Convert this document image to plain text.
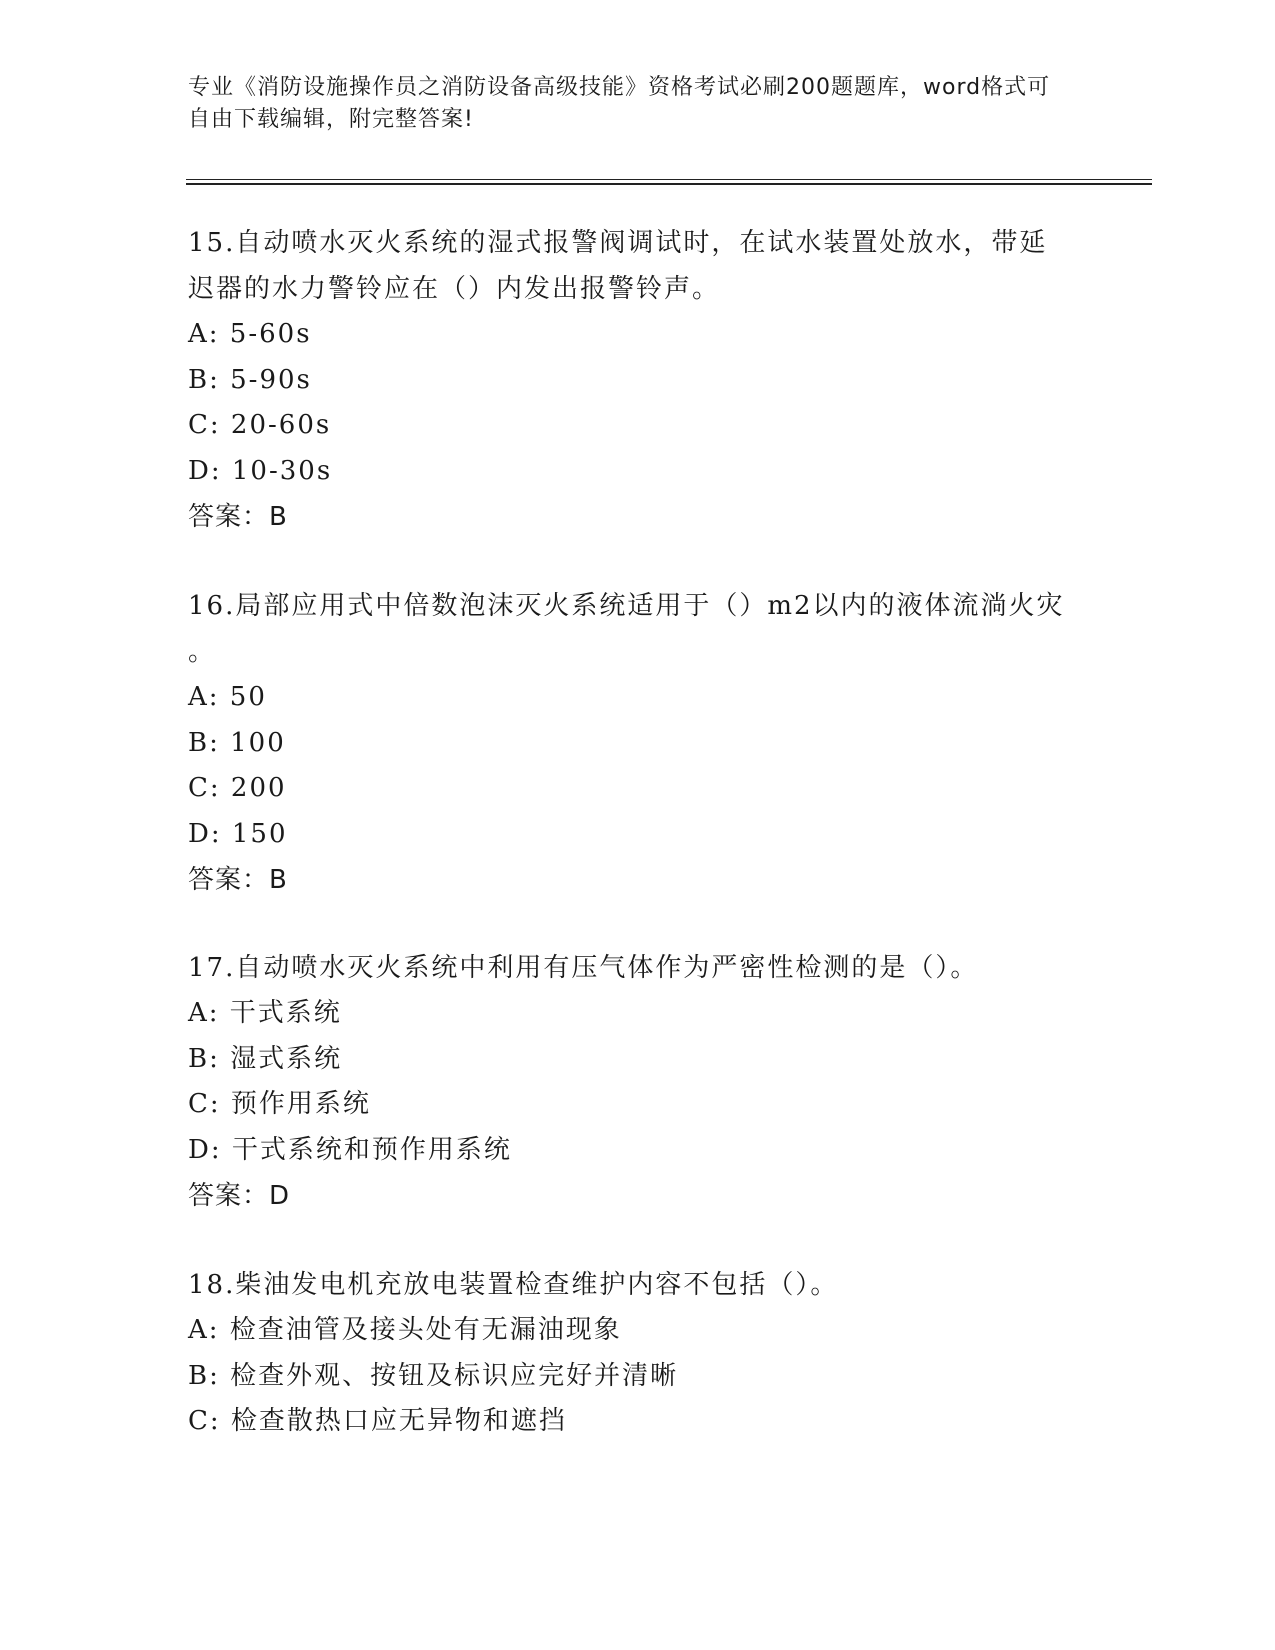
专业《消防设施操作员之消防设备高级技能》资格考试必刷200题题库，word格式可自由下载编辑，附完整答案!

15.自动喷水灭火系统的湿式报警阀调试时，在试水装置处放水，带延

迟器的水力警铃应在（）内发出报警铃声。

A: 5-60s

B: 5-90s

C: 20-60s

D: 10-30s

答案：B

16.局部应用式中倍数泡沫灭火系统适用于（）m2以内的液体流淌火灾

。

A: 50

B: 100

C: 200

D: 150

答案：B

17.自动喷水灭火系统中利用有压气体作为严密性检测的是（）。

A: 干式系统

B: 湿式系统

C: 预作用系统

D: 干式系统和预作用系统

答案：D

18.柴油发电机充放电装置检查维护内容不包括（）。

A: 检查油管及接头处有无漏油现象

B: 检查外观、按钮及标识应完好并清晰

C: 检查散热口应无异物和遮挡
